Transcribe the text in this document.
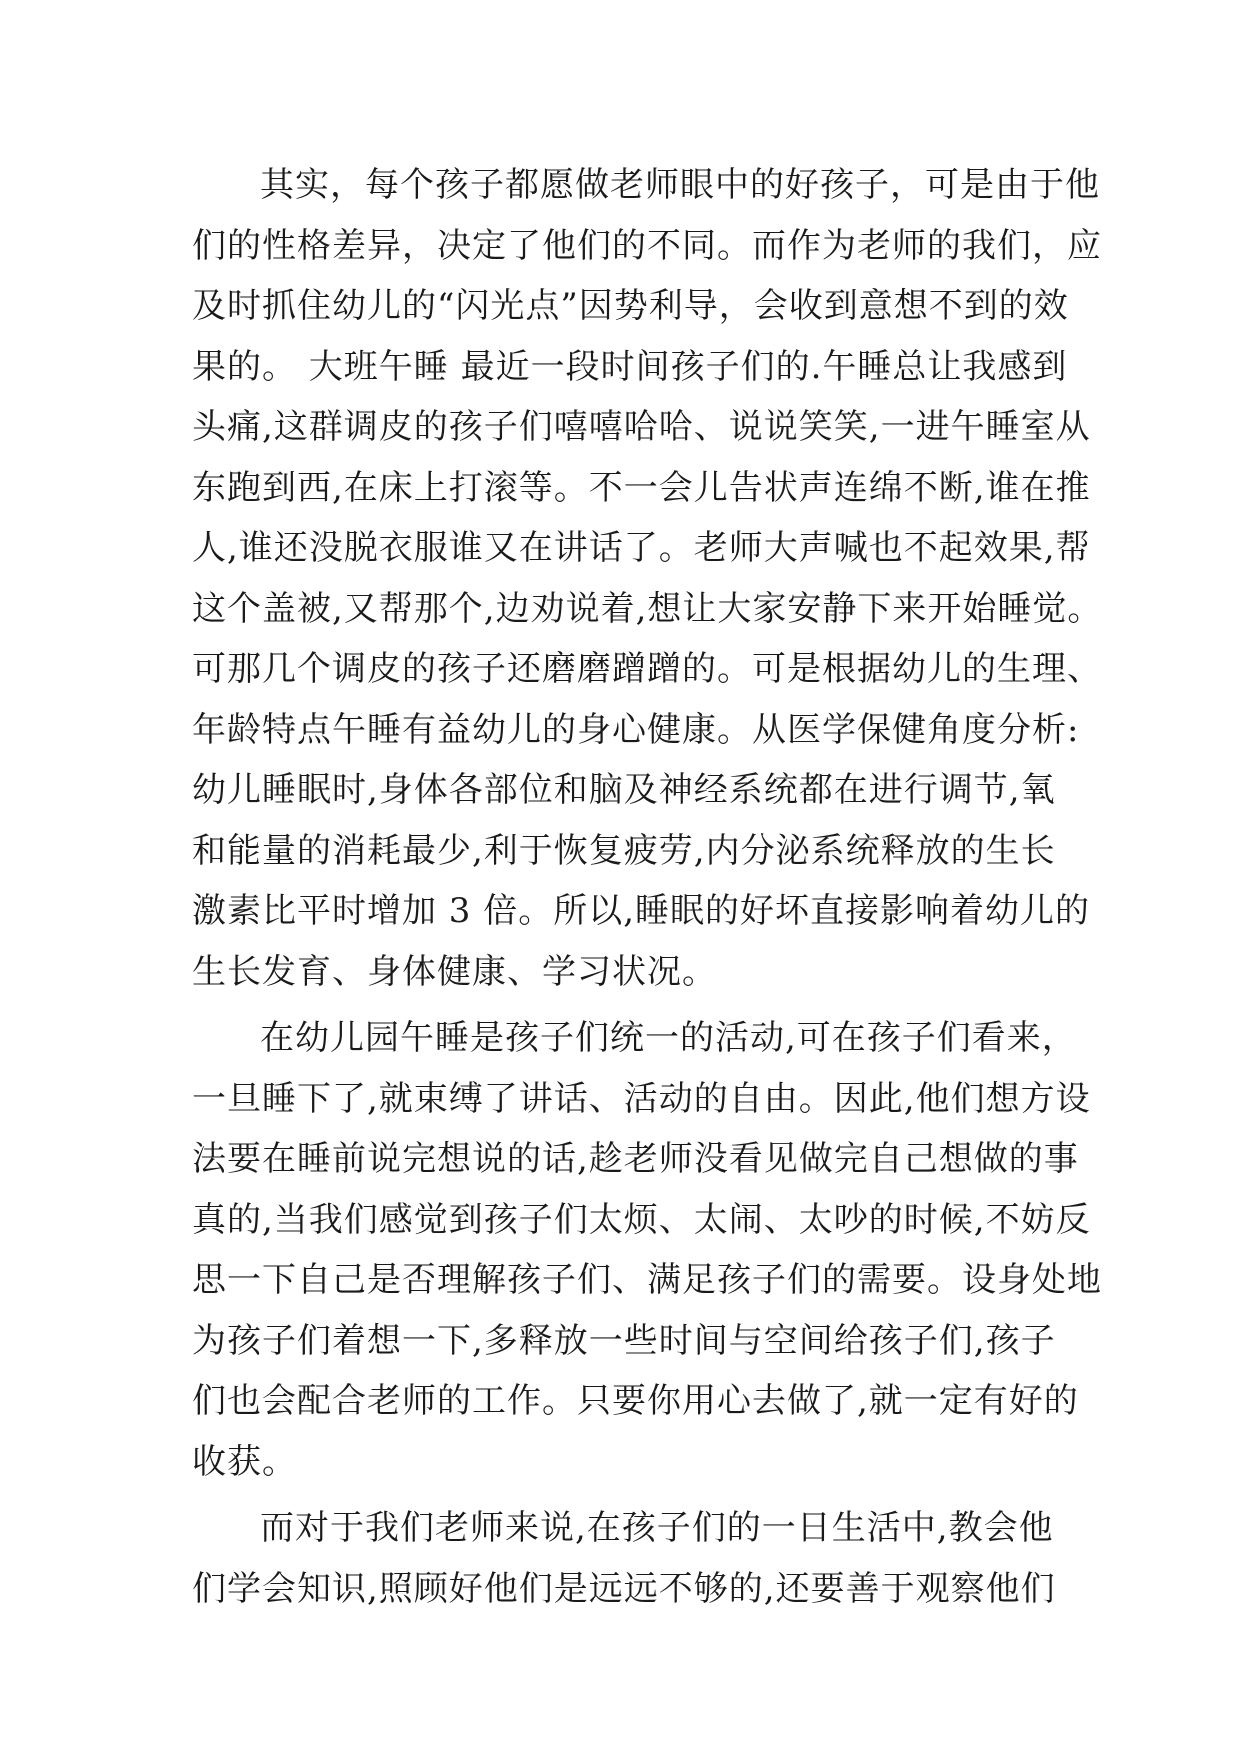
其实，每个孩子都愿做老师眼中的好孩子，可是由于他
们的性格差异，决定了他们的不同。而作为老师的我们，应
及时抓住幼儿的“闪光点”因势利导，会收到意想不到的效
果的。 大班午睡 最近一段时间孩子们的.午睡总让我感到
头痛,这群调皮的孩子们嘻嘻哈哈、说说笑笑,一进午睡室从
东跑到西,在床上打滚等。不一会儿告状声连绵不断,谁在推
人,谁还没脱衣服谁又在讲话了。老师大声喊也不起效果,帮
这个盖被,又帮那个,边劝说着,想让大家安静下来开始睡觉。
可那几个调皮的孩子还磨磨蹭蹭的。可是根据幼儿的生理、
年龄特点午睡有益幼儿的身心健康。从医学保健角度分析:
幼儿睡眠时,身体各部位和脑及神经系统都在进行调节,氧
和能量的消耗最少,利于恢复疲劳,内分泌系统释放的生长
激素比平时增加 3 倍。所以,睡眠的好坏直接影响着幼儿的
生长发育、身体健康、学习状况。
在幼儿园午睡是孩子们统一的活动,可在孩子们看来，
一旦睡下了,就束缚了讲话、活动的自由。因此,他们想方设
法要在睡前说完想说的话,趁老师没看见做完自己想做的事
真的,当我们感觉到孩子们太烦、太闹、太吵的时候,不妨反
思一下自己是否理解孩子们、满足孩子们的需要。设身处地
为孩子们着想一下,多释放一些时间与空间给孩子们,孩子
们也会配合老师的工作。只要你用心去做了,就一定有好的
收获。
而对于我们老师来说,在孩子们的一日生活中,教会他
们学会知识,照顾好他们是远远不够的,还要善于观察他们
